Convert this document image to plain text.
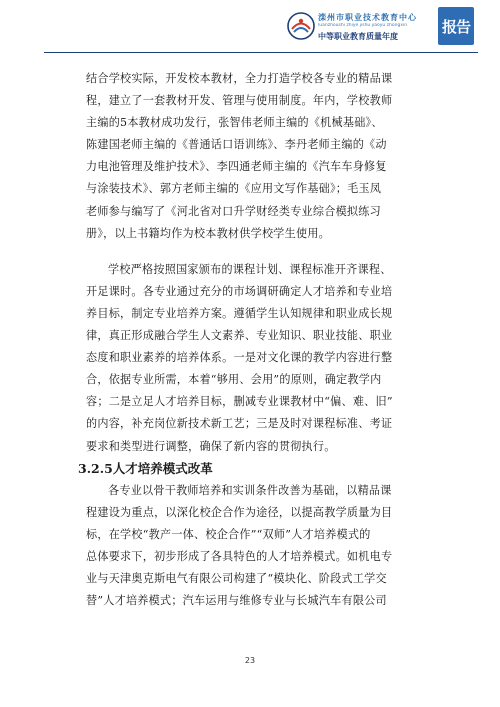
滦州市职业技术教育中心
luanzhoushi zhiye jishu jiaoyu zhongxin
中等职业教育质量年度
报告
结合学校实际，开发校本教材，全力打造学校各专业的精品课
程，建立了一套教材开发、管理与使用制度。年内，学校教师
主编的5本教材成功发行，张智伟老师主编的《机械基础》、
陈建国老师主编的《普通话口语训练》、李丹老师主编的《动
力电池管理及维护技术》、李四通老师主编的《汽车车身修复
与涂装技术》、郭方老师主编的《应用文写作基础》；毛玉凤
老师参与编写了《河北省对口升学财经类专业综合模拟练习
册》，以上书籍均作为校本教材供学校学生使用。
学校严格按照国家颁布的课程计划、课程标准开齐课程、
开足课时。各专业通过充分的市场调研确定人才培养和专业培
养目标，制定专业培养方案。遵循学生认知规律和职业成长规
律，真正形成融合学生人文素养、专业知识、职业技能、职业
态度和职业素养的培养体系。一是对文化课的教学内容进行整
合，依据专业所需，本着“够用、会用”的原则，确定教学内
容；二是立足人才培养目标，删减专业课教材中“偏、难、旧”
的内容，补充岗位新技术新工艺；三是及时对课程标准、考证
要求和类型进行调整，确保了新内容的贯彻执行。
3.2.5人才培养模式改革
各专业以骨干教师培养和实训条件改善为基础，以精品课
程建设为重点，以深化校企合作为途径，以提高教学质量为目
标，在学校“教产一体、校企合作”“双师”人才培养模式的
总体要求下，初步形成了各具特色的人才培养模式。如机电专
业与天津奥克斯电气有限公司构建了“模块化、阶段式工学交
替”人才培养模式；汽车运用与维修专业与长城汽车有限公司
23
